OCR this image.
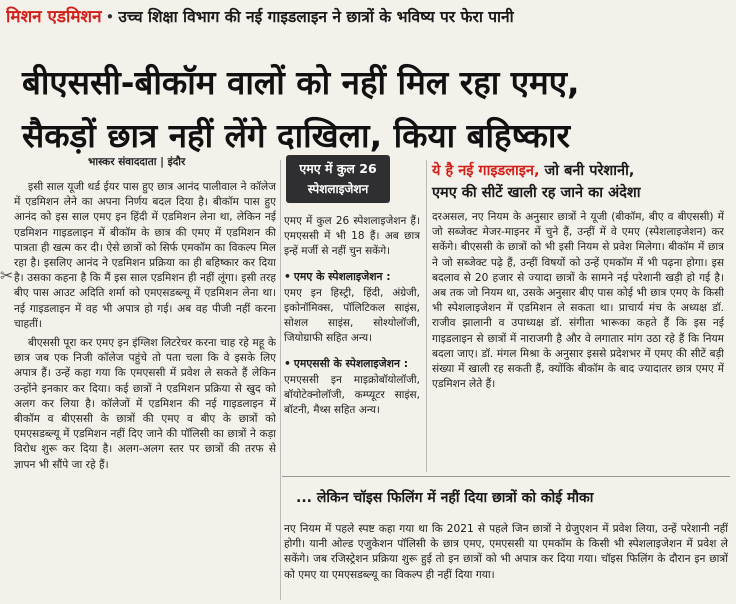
मिशन एडमिशन • उच्च शिक्षा विभाग की नई गाइडलाइन ने छात्रों के भविष्य पर फेरा पानी
बीएससी-बीकॉम वालों को नहीं मिल रहा एमए,
सैकड़ों छात्र नहीं लेंगे दाखिला, किया बहिष्कार
भास्कर संवाददाता | इंदौर
✂

इसी साल यूजी थर्ड ईयर पास हुए छात्र आनंद पालीवाल ने कॉलेज में एडमिशन लेने का अपना निर्णय बदल दिया है। बीकॉम पास हुए आनंद को इस साल एमए इन हिंदी में एडमिशन लेना था, लेकिन नई एडमिशन गाइडलाइन में बीकॉम के छात्र की एमए में एडमिशन की पात्रता ही खत्म कर दी। ऐसे छात्रों को सिर्फ एमकॉम का विकल्प मिल रहा है। इसलिए आनंद ने एडमिशन प्रक्रिया का ही बहिष्कार कर दिया है। उसका कहना है कि मैं इस साल एडमिशन ही नहीं लूंगा। इसी तरह बीए पास आउट अदिति शर्मा को एमएसडब्ल्यू में एडमिशन लेना था। नई गाइडलाइन में वह भी अपात्र हो गई। अब वह पीजी नहीं करना चाहतीं।

बीएससी पूरा कर एमए इन इंग्लिश लिटरेचर करना चाह रहे महू के छात्र जब एक निजी कॉलेज पहुंचे तो पता चला कि वे इसके लिए अपात्र हैं। उन्हें कहा गया कि एमएससी में प्रवेश ले सकते हैं लेकिन उन्होंने इनकार कर दिया। कई छात्रों ने एडमिशन प्रक्रिया से खुद को अलग कर लिया है। कॉलेजों में एडमिशन की नई गाइडलाइन में बीकॉम व बीएससी के छात्रों की एमए व बीए के छात्रों को एमएसडब्ल्यू में एडमिशन नहीं दिए जाने की पॉलिसी का छात्रों ने कड़ा विरोध शुरू कर दिया है। अलग-अलग स्तर पर छात्रों की तरफ से ज्ञापन भी सौंपे जा रहे हैं।

एमए में कुल 26
स्पेशलाइजेशन
एमए में कुल 26 स्पेशलाइजेशन हैं। एमएससी में भी 18 हैं। अब छात्र इन्हें मर्जी से नहीं चुन सकेंगे।
• एमए के स्पेशलाइजेशन :
एमए इन हिस्ट्री, हिंदी, अंग्रेजी, इकोनॉमिक्स, पॉलिटिकल साइंस, सोशल साइंस, सोश्योलॉजी, जियोग्राफी सहित अन्य।
• एमएससी के स्पेशलाइजेशन :
एमएससी इन माइक्रोबॉयोलॉजी, बॉयोटेक्नोलॉजी, कम्प्यूटर साइंस, बॉटनी, मैथ्स सहित अन्य।
ये है नई गाइडलाइन, जो बनी परेशानी,
एमए की सीटें खाली रह जाने का अंदेशा

दरअसल, नए नियम के अनुसार छात्रों ने यूजी (बीकॉम, बीए व बीएससी) में जो सब्जेक्ट मेजर-माइनर में चुने हैं, उन्हीं में वे एमए (स्पेशलाइजेशन) कर सकेंगे। बीएससी के छात्रों को भी इसी नियम से प्रवेश मिलेगा। बीकॉम में छात्र ने जो सब्जेक्ट पढ़े हैं, उन्हीं विषयों को उन्हें एमकॉम में भी पढ़ना होगा। इस बदलाव से 20 हजार से ज्यादा छात्रों के सामने नई परेशानी खड़ी हो गई है। अब तक जो नियम था, उसके अनुसार बीए पास कोई भी छात्र एमए के किसी भी स्पेशलाइजेशन में एडमिशन ले सकता था। प्राचार्य मंच के अध्यक्ष डॉ. राजीव झालानी व उपाध्यक्ष डॉ. संगीता भारूका कहते हैं कि इस नई गाइडलाइन से छात्रों में नाराजगी है और वे लगातार मांग उठा रहे हैं कि नियम बदला जाए। डॉ. मंगल मिश्रा के अनुसार इससे प्रदेशभर में एमए की सीटें बड़ी संख्या में खाली रह सकती हैं, क्योंकि बीकॉम के बाद ज्यादातर छात्र एमए में एडमिशन लेते हैं।

... लेकिन चॉइस फिलिंग में नहीं दिया छात्रों को कोई मौका
नए नियम में पहले स्पष्ट कहा गया था कि 2021 से पहले जिन छात्रों ने ग्रेजुएशन में प्रवेश लिया, उन्हें परेशानी नहीं होगी। यानी ओल्ड एजुकेशन पॉलिसी के छात्र एमए, एमएससी या एमकॉम के किसी भी स्पेशलाइजेशन में प्रवेश ले सकेंगे। जब रजिस्ट्रेशन प्रक्रिया शुरू हुई तो इन छात्रों को भी अपात्र कर दिया गया। चॉइस फिलिंग के दौरान इन छात्रों को एमए या एमएसडब्ल्यू का विकल्प ही नहीं दिया गया।
